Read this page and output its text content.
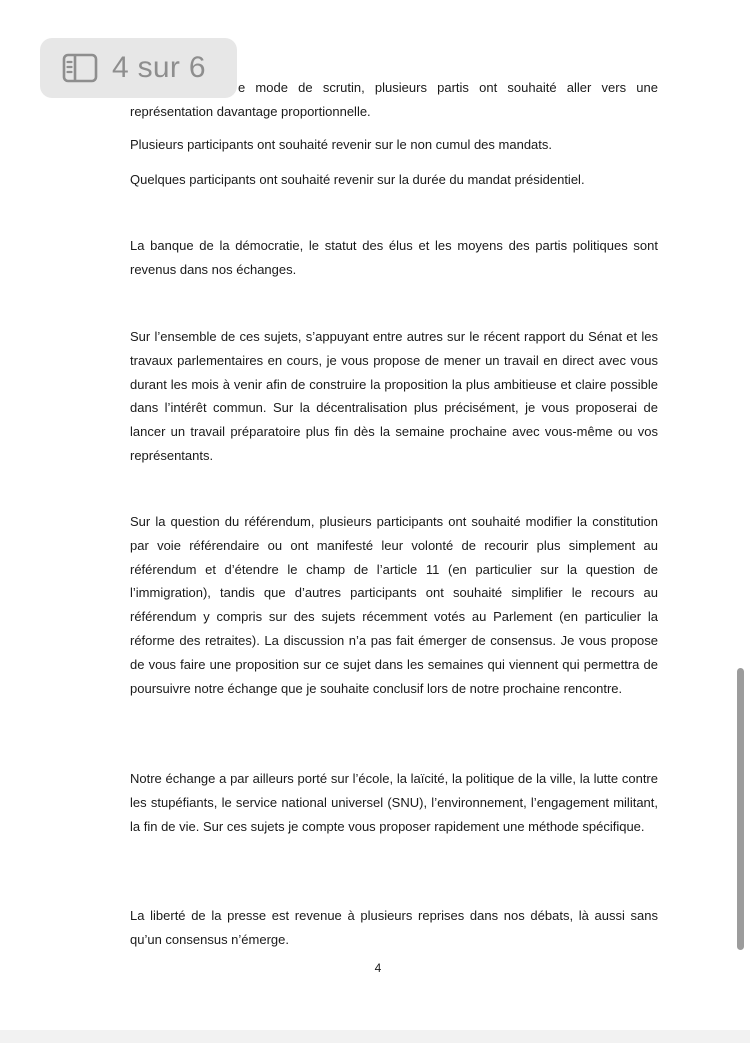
e mode de scrutin, plusieurs partis ont souhaité aller vers une représentation davantage proportionnelle.

Plusieurs participants ont souhaité revenir sur le non cumul des mandats.

Quelques participants ont souhaité revenir sur la durée du mandat présidentiel.

La banque de la démocratie, le statut des élus et les moyens des partis politiques sont revenus dans nos échanges.

Sur l’ensemble de ces sujets, s’appuyant entre autres sur le récent rapport du Sénat et les travaux parlementaires en cours, je vous propose de mener un travail en direct avec vous durant les mois à venir afin de construire la proposition la plus ambitieuse et claire possible dans l’intérêt commun. Sur la décentralisation plus précisément, je vous proposerai de lancer un travail préparatoire plus fin dès la semaine prochaine avec vous-même ou vos représentants.

Sur la question du référendum, plusieurs participants ont souhaité modifier la constitution par voie référendaire ou ont manifesté leur volonté de recourir plus simplement au référendum et d’étendre le champ de l’article 11 (en particulier sur la question de l’immigration), tandis que d’autres participants ont souhaité simplifier le recours au référendum y compris sur des sujets récemment votés au Parlement (en particulier la réforme des retraites). La discussion n’a pas fait émerger de consensus. Je vous propose de vous faire une proposition sur ce sujet dans les semaines qui viennent qui permettra de poursuivre notre échange que je souhaite conclusif lors de notre prochaine rencontre.

Notre échange a par ailleurs porté sur l’école, la laïcité, la politique de la ville, la lutte contre les stupéfiants, le service national universel (SNU), l’environnement, l’engagement militant, la fin de vie. Sur ces sujets je compte vous proposer rapidement une méthode spécifique.

La liberté de la presse est revenue à plusieurs reprises dans nos débats, là aussi sans qu’un consensus n’émerge.

4
4 sur 6
